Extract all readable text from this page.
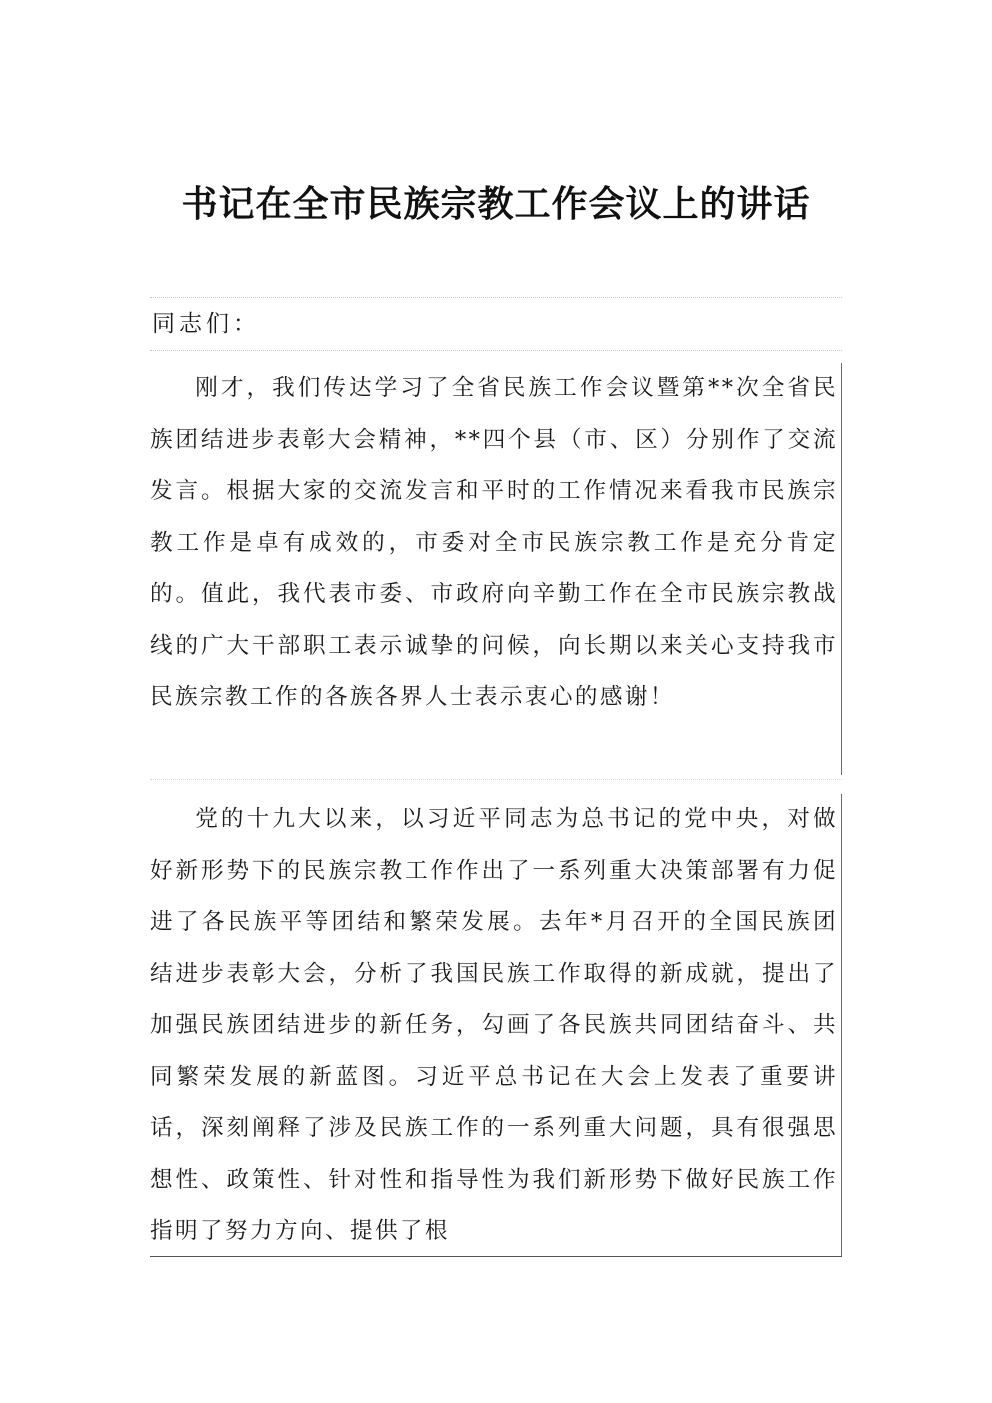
书记在全市民族宗教工作会议上的讲话
同志们：

刚才，我们传达学习了全省民族工作会议暨第**次全省民族团结进步表彰大会精神，**四个县（市、区）分别作了交流发言。根据大家的交流发言和平时的工作情况来看我市民族宗教工作是卓有成效的，市委对全市民族宗教工作是充分肯定的。值此，我代表市委、市政府向辛勤工作在全市民族宗教战线的广大干部职工表示诚挚的问候，向长期以来关心支持我市民族宗教工作的各族各界人士表示衷心的感谢！

党的十九大以来，以习近平同志为总书记的党中央，对做好新形势下的民族宗教工作作出了一系列重大决策部署有力促进了各民族平等团结和繁荣发展。去年*月召开的全国民族团结进步表彰大会，分析了我国民族工作取得的新成就，提出了加强民族团结进步的新任务，勾画了各民族共同团结奋斗、共同繁荣发展的新蓝图。习近平总书记在大会上发表了重要讲话，深刻阐释了涉及民族工作的一系列重大问题，具有很强思想性、政策性、针对性和指导性为我们新形势下做好民族工作指明了努力方向、提供了根
